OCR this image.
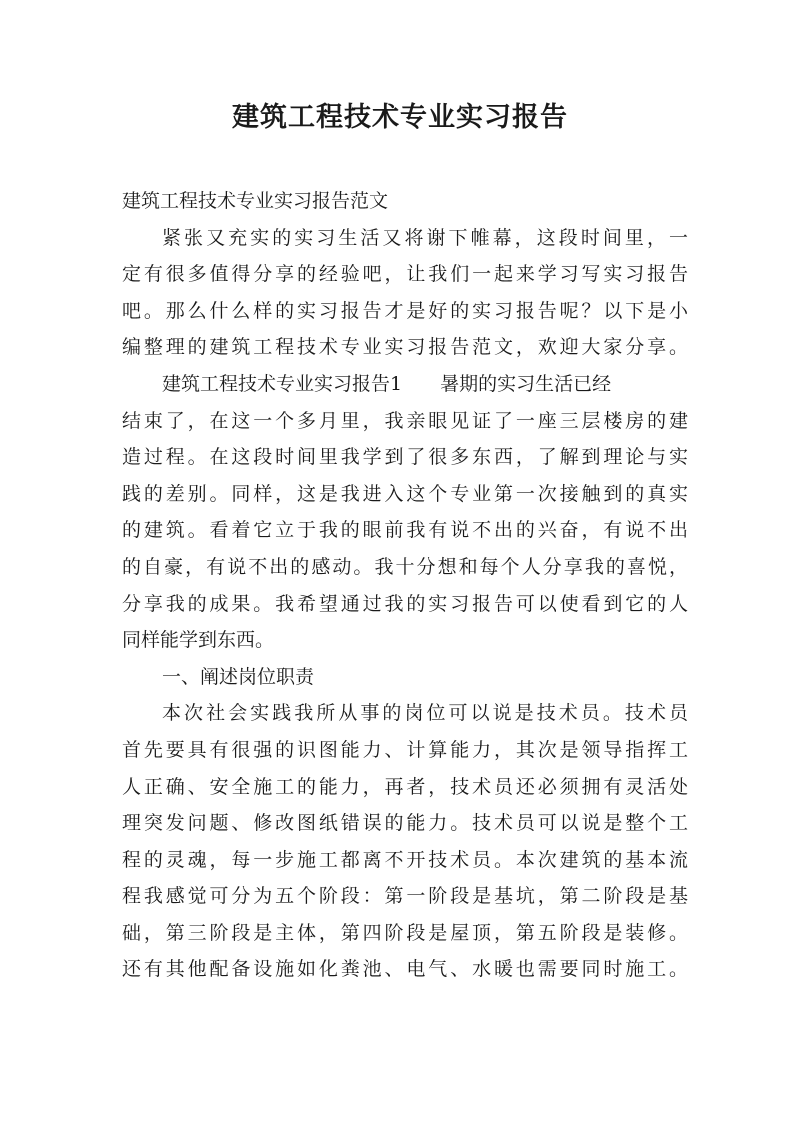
建筑工程技术专业实习报告
建筑工程技术专业实习报告范文
紧张又充实的实习生活又将谢下帷幕，这段时间里，一
定有很多值得分享的经验吧，让我们一起来学习写实习报告
吧。那么什么样的实习报告才是好的实习报告呢？以下是小
编整理的建筑工程技术专业实习报告范文，欢迎大家分享。
建筑工程技术专业实习报告1　　暑期的实习生活已经
结束了，在这一个多月里，我亲眼见证了一座三层楼房的建
造过程。在这段时间里我学到了很多东西，了解到理论与实
践的差别。同样，这是我进入这个专业第一次接触到的真实
的建筑。看着它立于我的眼前我有说不出的兴奋，有说不出
的自豪，有说不出的感动。我十分想和每个人分享我的喜悦，
分享我的成果。我希望通过我的实习报告可以使看到它的人
同样能学到东西。
一、阐述岗位职责
本次社会实践我所从事的岗位可以说是技术员。技术员
首先要具有很强的识图能力、计算能力，其次是领导指挥工
人正确、安全施工的能力，再者，技术员还必须拥有灵活处
理突发问题、修改图纸错误的能力。技术员可以说是整个工
程的灵魂，每一步施工都离不开技术员。本次建筑的基本流
程我感觉可分为五个阶段：第一阶段是基坑，第二阶段是基
础，第三阶段是主体，第四阶段是屋顶，第五阶段是装修。
还有其他配备设施如化粪池、电气、水暖也需要同时施工。
